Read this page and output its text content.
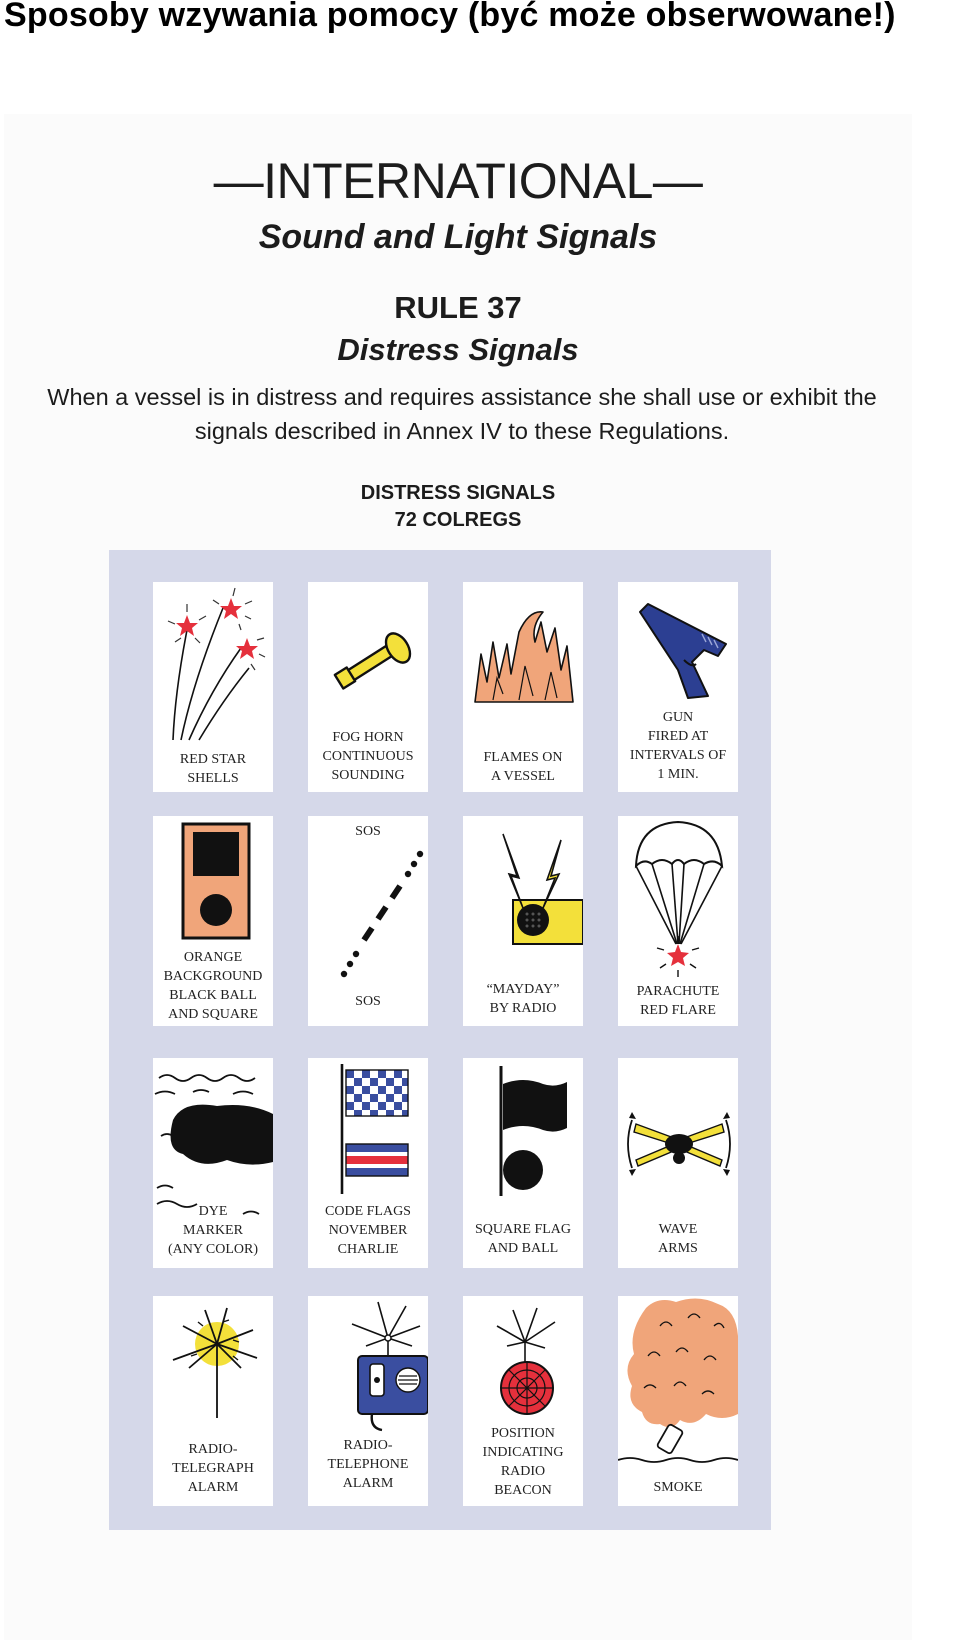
Sposoby wzywania pomocy (być może obserwowane!)
—INTERNATIONAL—
Sound and Light Signals
RULE 37
Distress Signals

When a vessel is in distress and requires assistance she shall use or exhibit the signals described in Annex IV to these Regulations.

DISTRESS SIGNALS

72 COLREGS

RED STAR
SHELLS

FOG HORN
CONTINUOUS
SOUNDING

FLAMES ON
A VESSEL

GUN
FIRED AT
INTERVALS OF
1 MIN.

ORANGE
BACKGROUND
BLACK BALL
AND SQUARE

SOS

SOS

“MAYDAY”
BY RADIO

PARACHUTE
RED FLARE

DYE
MARKER
(ANY COLOR)

CODE FLAGS
NOVEMBER
CHARLIE

SQUARE FLAG
AND BALL

WAVE
ARMS

RADIO-
TELEGRAPH
ALARM

RADIO-
TELEPHONE
ALARM

POSITION
INDICATING
RADIO
BEACON	SMOKE
